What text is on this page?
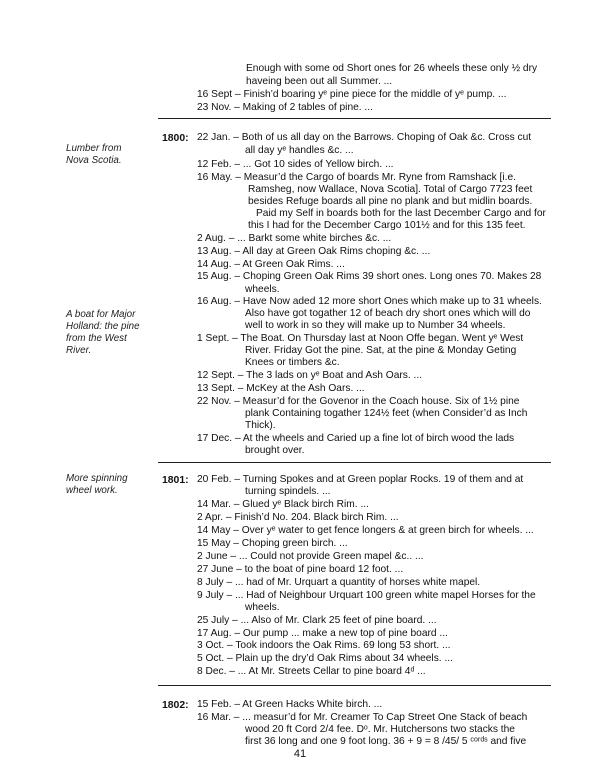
Enough with some od Short ones for 26 wheels these only ½ dry
haveing been out all Summer. ...
16 Sept – Finish’d boaring yᵉ pine piece for the middle of yᵉ pump. ...
23 Nov. – Making of 2 tables of pine. ...
1800:
Lumber from
Nova Scotia.
22 Jan. – Both of us all day on the Barrows. Choping of Oak &c. Cross cut
all day yᵉ handles &c. ...
12 Feb. – ... Got 10 sides of Yellow birch. ...
16 May. – Measur’d the Cargo of boards Mr. Ryne from Ramshack [i.e.
Ramsheg, now Wallace, Nova Scotia]. Total of Cargo 7723 feet
besides Refuge boards all pine no plank and but midlin boards.
Paid my Self in boards both for the last December Cargo and for
this I had for the December Cargo 101½ and for this 135 feet.
2 Aug. – ... Barkt some white birches &c. ...
13 Aug. – All day at Green Oak Rims choping &c. ...
14 Aug. – At Green Oak Rims. ...
15 Aug. – Choping Green Oak Rims 39 short ones. Long ones 70. Makes 28
wheels.
16 Aug. – Have Now aded 12 more short Ones which make up to 31 wheels.
Also have got togather 12 of beach dry short ones which will do
well to work in so they will make up to Number 34 wheels.
A boat for Major
Holland: the pine
from the West
River.
1 Sept. – The Boat. On Thursday last at Noon Offe began. Went yᵉ West
River. Friday Got the pine. Sat, at the pine & Monday Geting
Knees or timbers &c.
12 Sept. – The 3 lads on yᵉ Boat and Ash Oars. ...
13 Sept. – McKey at the Ash Oars. ...
22 Nov. – Measur’d for the Govenor in the Coach house. Six of 1½ pine
plank Containing togather 124½ feet (when Consider’d as Inch
Thick).
17 Dec. – At the wheels and Caried up a fine lot of birch wood the lads
brought over.
More spinning
wheel work.
1801: 20 Feb. – Turning Spokes and at Green poplar Rocks. 19 of them and at
turning spindels. ...
14 Mar. – Glued yᵉ Black birch Rim. ...
2 Apr. – Finish’d No. 204. Black birch Rim. ...
14 May – Over yᵉ water to get fence longers & at green birch for wheels. ...
15 May – Choping green birch. ...
2 June – ... Could not provide Green mapel &c.. ...
27 June – to the boat of pine board 12 foot. ...
8 July – ... had of Mr. Urquart a quantity of horses white mapel.
9 July – ... Had of Neighbour Urquart 100 green white mapel Horses for the
wheels.
25 July – ... Also of Mr. Clark 25 feet of pine board. ...
17 Aug. – Our pump ... make a new top of pine board ...
3 Oct. – Took indoors the Oak Rims. 69 long 53 short. ...
5 Oct. – Plain up the dry’d Oak Rims about 34 wheels. ...
8 Dec. – ... At Mr. Streets Cellar to pine board 4ᵈ ...
1802: 15 Feb. – At Green Hacks White birch. ...
16 Mar. – ... measur’d for Mr. Creamer To Cap Street One Stack of beach
wood 20 ft Cord 2/4 fee. Dᵒ. Mr. Hutchersons two stacks the
first 36 long and one 9 foot long. 36 + 9 = 8 /45/ 5 ᶜᵒʳᵈˢ and five
41
